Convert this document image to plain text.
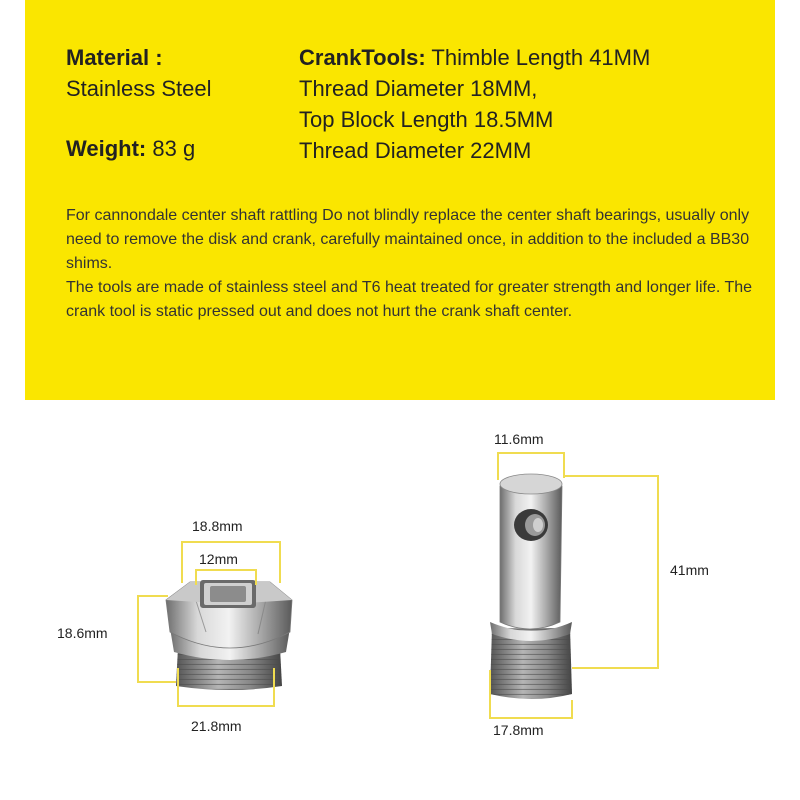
Material :
Stainless Steel
Weight: 83 g
CrankTools: Thimble Length 41MM
Thread Diameter 18MM,
Top Block Length 18.5MM
Thread Diameter 22MM

For cannondale center shaft rattling Do not blindly replace the center shaft bearings, usually only need to remove the disk and crank, carefully maintained once, in addition to the included a BB30 shims.

The tools are made of stainless steel and T6 heat treated for greater strength and longer life. The crank tool is static pressed out and does not hurt the crank shaft center.

18.8mm
12mm
18.6mm
21.8mm
11.6mm
41mm
17.8mm
